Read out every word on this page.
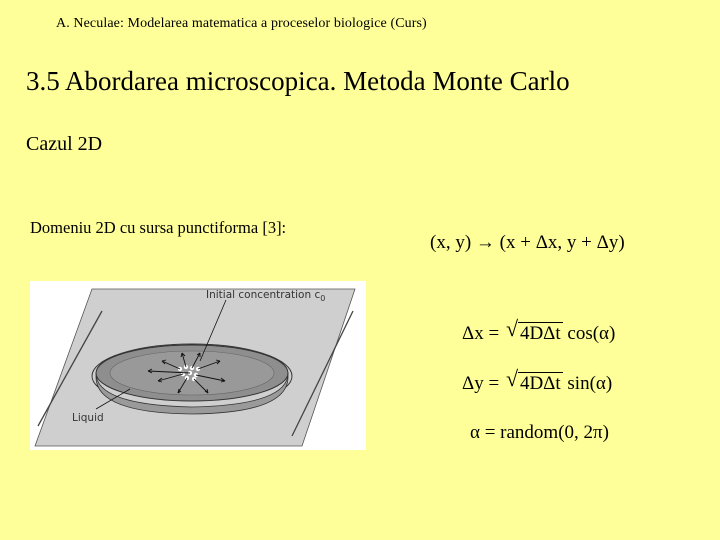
A. Neculae: Modelarea matematica a proceselor biologice (Curs)
3.5 Abordarea microscopica. Metoda Monte Carlo
Cazul 2D
Domeniu 2D cu sursa punctiforma [3]:
Initial concentration $c_0$
Liquid
(x, y) → (x + Δx, y + Δy)
Δx = √ 4DΔt cos(α)
Δy = √ 4DΔt sin(α)
α = random(0, 2π)
